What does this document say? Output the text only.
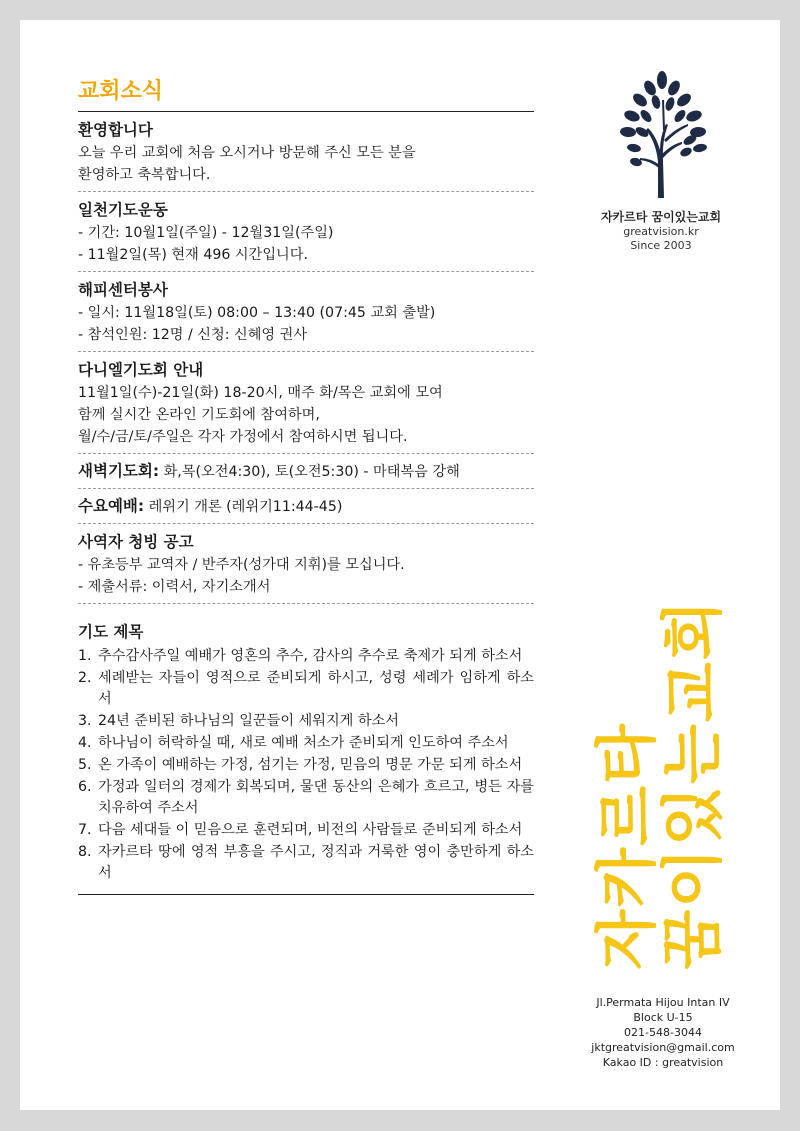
교회소식
환영합니다
오늘 우리 교회에 처음 오시거나 방문해 주신 모든 분을
환영하고 축복합니다.
일천기도운동
- 기간: 10월1일(주일) - 12월31일(주일)
- 11월2일(목) 현재 496 시간입니다.
해피센터봉사
- 일시: 11월18일(토) 08:00 – 13:40 (07:45 교회 출발)
- 참석인원: 12명 / 신청: 신혜영 권사
다니엘기도회 안내
11월1일(수)-21일(화) 18-20시, 매주 화/목은 교회에 모여
함께 실시간 온라인 기도회에 참여하며,
월/수/금/토/주일은 각자 가정에서 참여하시면 됩니다.
새벽기도회: 화,목(오전4:30), 토(오전5:30) - 마태복음 강해
수요예배: 레위기 개론 (레위기11:44-45)
사역자 청빙 공고
- 유초등부 교역자 / 반주자(성가대 지휘)를 모십니다.
- 제출서류: 이력서, 자기소개서
기도 제목
1. 추수감사주일 예배가 영혼의 추수, 감사의 추수로 축제가 되게 하소서
2. 세례받는 자들이 영적으로 준비되게 하시고, 성령 세례가 임하게 하소서
3. 24년 준비된 하나님의 일꾼들이 세워지게 하소서
4. 하나님이 허락하실 때, 새로 예배 처소가 준비되게 인도하여 주소서
5. 온 가족이 예배하는 가정, 섬기는 가정, 믿음의 명문 가문 되게 하소서
6. 가정과 일터의 경제가 회복되며, 물댄 동산의 은혜가 흐르고, 병든 자를 치유하여 주소서
7. 다음 세대들 이 믿음으로 훈련되며, 비전의 사람들로 준비되게 하소서
8. 자카르타 땅에 영적 부흥을 주시고, 정직과 거룩한 영이 충만하게 하소서
자카르타 꿈이있는교회
greatvision.kr
Since 2003
자카르타
꿈이있는교회
Jl.Permata Hijou Intan IV
Block U-15
021-548-3044
jktgreatvision@gmail.com
Kakao ID : greatvision
